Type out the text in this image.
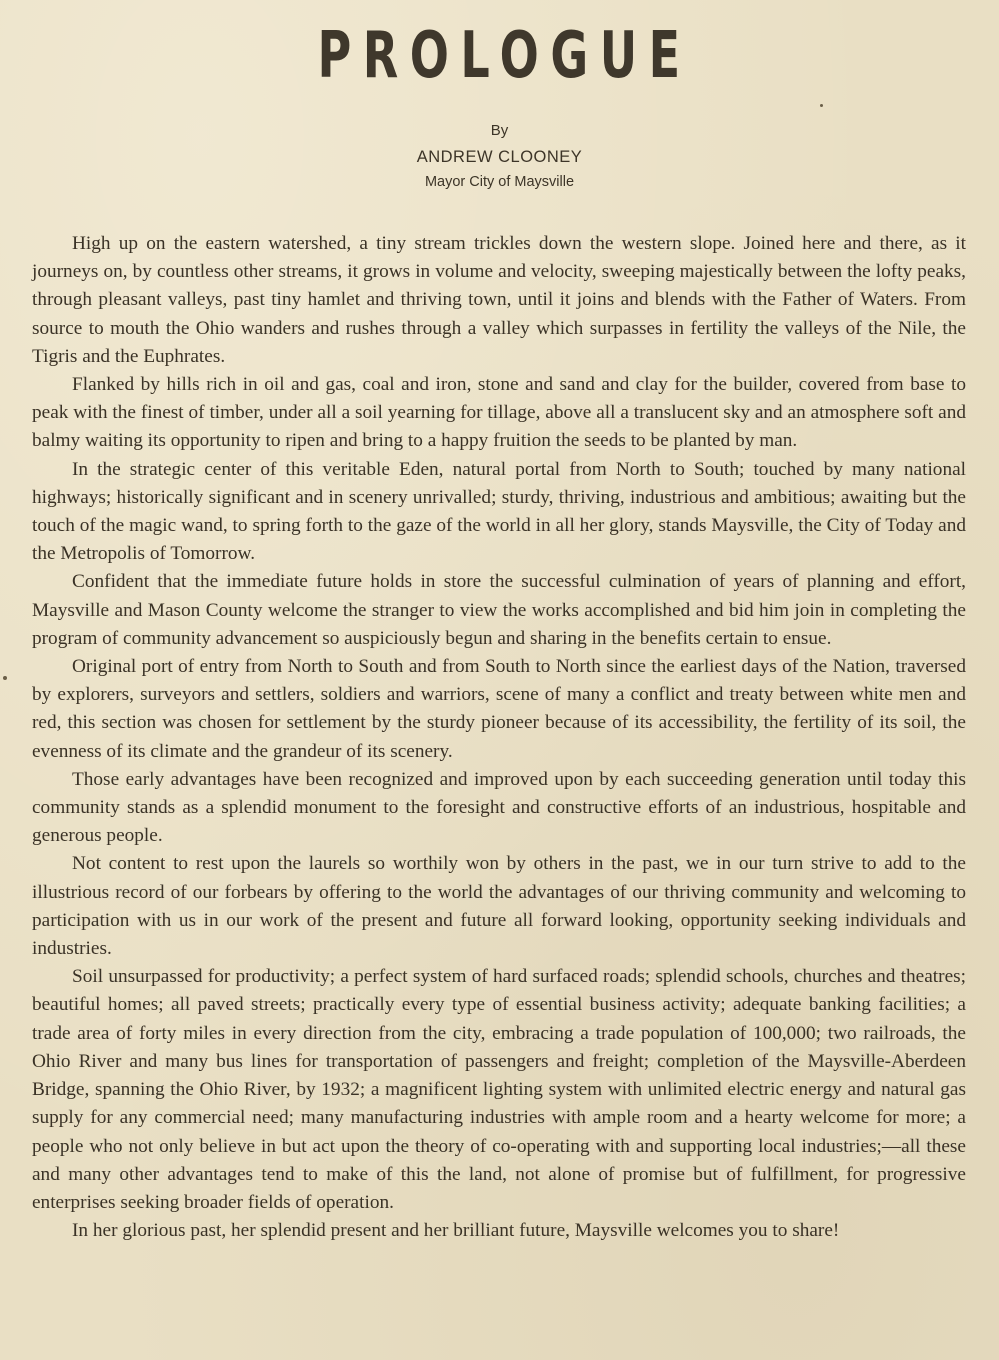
PROLOGUE
By
ANDREW CLOONEY
Mayor City of Maysville

High up on the eastern watershed, a tiny stream trickles down the western slope. Joined here and there, as it journeys on, by countless other streams, it grows in volume and velocity, sweeping majestically between the lofty peaks, through pleasant valleys, past tiny hamlet and thriving town, until it joins and blends with the Father of Waters. From source to mouth the Ohio wanders and rushes through a valley which surpasses in fertility the valleys of the Nile, the Tigris and the Euphrates.

Flanked by hills rich in oil and gas, coal and iron, stone and sand and clay for the builder, covered from base to peak with the finest of timber, under all a soil yearning for tillage, above all a translucent sky and an atmosphere soft and balmy waiting its opportunity to ripen and bring to a happy fruition the seeds to be planted by man.

In the strategic center of this veritable Eden, natural portal from North to South; touched by many national highways; historically significant and in scenery unrivalled; sturdy, thriving, industrious and ambitious; awaiting but the touch of the magic wand, to spring forth to the gaze of the world in all her glory, stands Maysville, the City of Today and the Metropolis of Tomorrow.

Confident that the immediate future holds in store the successful culmination of years of planning and effort, Maysville and Mason County welcome the stranger to view the works accomplished and bid him join in completing the program of community advancement so auspiciously begun and sharing in the benefits certain to ensue.

Original port of entry from North to South and from South to North since the earliest days of the Nation, traversed by explorers, surveyors and settlers, soldiers and warriors, scene of many a conflict and treaty between white men and red, this section was chosen for settlement by the sturdy pioneer because of its accessibility, the fertility of its soil, the evenness of its climate and the grandeur of its scenery.

Those early advantages have been recognized and improved upon by each succeeding generation until today this community stands as a splendid monument to the foresight and constructive efforts of an industrious, hospitable and generous people.

Not content to rest upon the laurels so worthily won by others in the past, we in our turn strive to add to the illustrious record of our forbears by offering to the world the advantages of our thriving community and welcoming to participation with us in our work of the present and future all forward looking, opportunity seeking individuals and industries.

Soil unsurpassed for productivity; a perfect system of hard surfaced roads; splendid schools, churches and theatres; beautiful homes; all paved streets; practically every type of essential business activity; adequate banking facilities; a trade area of forty miles in every direction from the city, embracing a trade population of 100,000; two railroads, the Ohio River and many bus lines for transportation of passengers and freight; completion of the Maysville-Aberdeen Bridge, spanning the Ohio River, by 1932; a magnificent lighting system with unlimited electric energy and natural gas supply for any commercial need; many manufacturing industries with ample room and a hearty welcome for more; a people who not only believe in but act upon the theory of co-operating with and supporting local industries;—all these and many other advantages tend to make of this the land, not alone of promise but of fulfillment, for progressive enterprises seeking broader fields of operation.

In her glorious past, her splendid present and her brilliant future, Maysville welcomes you to share!
